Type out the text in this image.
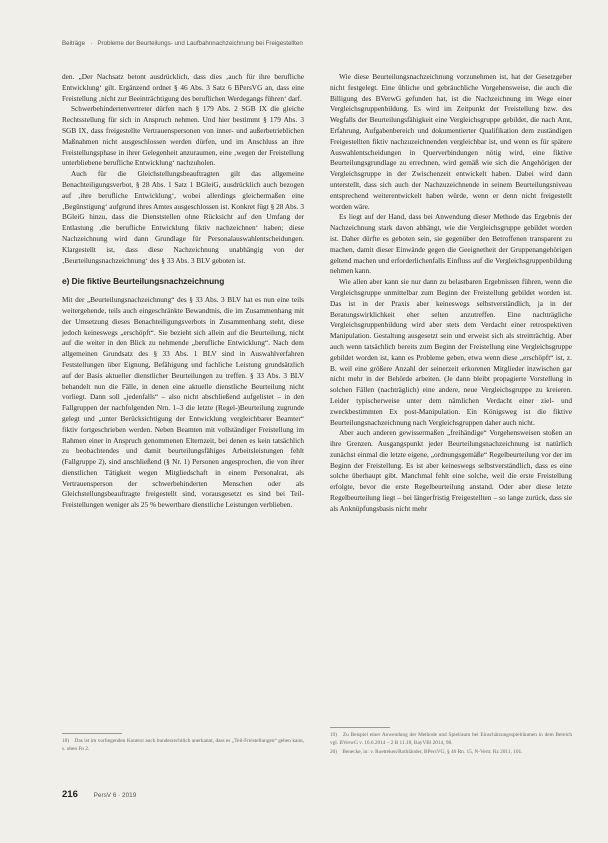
Beiträge   ·   Probleme der Beurteilungs- und Laufbahnnachzeichnung bei Freigestellten

den. „Der Nachsatz betont ausdrücklich, dass dies ‚auch für ihre berufliche Entwicklung‘ gilt. Ergänzend ordnet § 46 Abs. 3 Satz 6 BPersVG an, dass eine Freistellung ‚nicht zur Beeinträchtigung des beruflichen Werdegangs führen‘ darf.

Schwerbehindertenvertreter dürfen nach § 179 Abs. 2 SGB IX die gleiche Rechtsstellung für sich in Anspruch nehmen. Und hier bestimmt § 179 Abs. 3 SGB IX, dass freigestellte Vertrauenspersonen von inner- und außerbetrieblichen Maßnahmen nicht ausgeschlossen werden dürfen, und im Anschluss an ihre Freistellungsphase in ihrer Gelegenheit anzuraumen, eine ‚wegen der Freistellung unterbliebene berufliche Entwicklung‘ nachzuholen.

Auch für die Gleichstellungsbeauftragten gilt das allgemeine Benachteiligungsverbot, § 28 Abs. 1 Satz 1 BGleiG, ausdrücklich auch bezogen auf ‚ihre berufliche Entwicklung‘, wobei allerdings gleichermaßen eine ‚Begünstigung‘ aufgrund ihres Amtes ausgeschlossen ist. Konkret fügt § 28 Abs. 3 BGleiG hinzu, dass die Dienststellen ohne Rücksicht auf den Umfang der Entlastung ‚die berufliche Entwicklung fiktiv nachzeichnen‘ haben; diese Nachzeichnung wird dann Grundlage für Personalauswahlentscheidungen. Klargestellt ist, dass diese Nachzeichnung unabhängig von der ‚Beurteilungsnachzeichnung‘ des § 33 Abs. 3 BLV geboten ist.

e) Die fiktive Beurteilungsnachzeichnung

Mit der „Beurteilungsnachzeichnung“ des § 33 Abs. 3 BLV hat es nun eine teils weitergehende, teils auch eingeschränkte Bewandtnis, die im Zusammenhang mit der Umsetzung dieses Benachteiligungsverbots in Zusammenhang steht, diese jedoch keineswegs „erschöpft“. Sie bezieht sich allein auf die Beurteilung, nicht auf die weiter in den Blick zu nehmende „berufliche Entwicklung“. Nach dem allgemeinen Grundsatz des § 33 Abs. 1 BLV sind in Auswahlverfahren Feststellungen über Eignung, Befähigung und fachliche Leistung grundsätzlich auf der Basis aktueller dienstlicher Beurteilungen zu treffen. § 33 Abs. 3 BLV behandelt nun die Fälle, in denen eine aktuelle dienstliche Beurteilung nicht vorliegt. Dann soll „jedenfalls“ – also nicht abschließend aufgelistet – in den Fallgruppen der nachfolgenden Nrn. 1–3 die letzte (Regel-)Beurteilung zugrunde gelegt und „unter Berücksichtigung der Entwicklung vergleichbarer Beamter“ fiktiv fortgeschrieben werden. Neben Beamten mit vollständiger Freistellung im Rahmen einer in Anspruch genommenen Elternzeit, bei denen es kein tatsächlich zu beobachtendes und damit beurteilungsfähiges Arbeitsleistungen fehlt (Fallgruppe 2), sind anschließend (§ Nr. 1) Personen angesprochen, die von ihrer dienstlichen Tätigkeit wegen Mitgliedschaft in einem Personalrat, als Vertrauensperson der schwerbehinderten Menschen oder als Gleichstellungsbeauftragte freigestellt sind, vorausgesetzt es sind bei Teil-Freistellungen weniger als 25 % bewertbare dienstliche Leistungen verblieben.

Wie diese Beurteilungsnachzeichnung vorzunehmen ist, hat der Gesetzgeber nicht festgelegt. Eine übliche und gebräuchliche Vorgehensweise, die auch die Billigung des BVerwG gefunden hat, ist die Nachzeichnung im Wege einer Vergleichsgruppenbildung. Es wird im Zeitpunkt der Freistellung bzw. des Wegfalls der Beurteilungsfähigkeit eine Vergleichsgruppe gebildet, die nach Amt, Erfahrung, Aufgabenbereich und dokumentierter Qualifikation dem zuständigen Freigestellten fiktiv nachzuzeichnenden vergleichbar ist, und wenn es für spätere Auswahlentscheidungen in Querverbindungen nötig wird, eine fiktive Beurteilungsgrundlage zu errechnen, wird gemäß wie sich die Angehörigen der Vergleichsgruppe in der Zwischenzeit entwickelt haben. Dabei wird dann unterstellt, dass sich auch der Nachzuzeichnende in seinem Beurteilungsniveau entsprechend weiterentwickelt haben würde, wenn er denn nicht freigestellt worden wäre.

Es liegt auf der Hand, dass bei Anwendung dieser Methode das Ergebnis der Nachzeichnung stark davon abhängt, wie die Vergleichsgruppe gebildet worden ist. Daher dürfte es geboten sein, sie gegenüber den Betroffenen transparent zu machen, damit dieser Einwände gegen die Geeignetheit der Gruppenangehörigen geltend machen und erforderlichenfalls Einfluss auf die Vergleichsgruppenbildung nehmen kann.

Wie allen aber kann sie nur dann zu belastbaren Ergebnissen führen, wenn die Vergleichsgruppe unmittelbar zum Beginn der Freistellung gebildet worden ist. Das ist in der Praxis aber keineswegs selbstverständlich, ja in der Beratungswirklichkeit eher selten anzutreffen. Eine nachträgliche Vergleichsgruppenbildung wird aber stets dem Verdacht einer retrospektiven Manipulation. Gestaltung ausgesetzt sein und erweist sich als streitträchtig. Aber auch wenn tatsächlich bereits zum Beginn der Freistellung eine Vergleichsgruppe gebildet worden ist, kann es Probleme geben, etwa wenn diese „erschöpft“ ist, z. B. weil eine größere Anzahl der seinerzeit erkorenen Mitglieder inzwischen gar nicht mehr in der Behörde arbeiten. (Je dann bleibt propagierte Vorstellung in solchen Fällen (nachträglich) eine andere, neue Vergleichsgruppe zu kreieren. Leider typischerweise unter dem nämlichen Verdacht einer ziel- und zweckbestimmten Ex post-Manipulation. Ein Königsweg ist die fiktive Beurteilungsnachzeichnung nach Vergleichsgruppen daher auch nicht.

Aber auch anderen gewissermaßen „freihändige“ Vorgehensweisen stoßen an ihre Grenzen. Ausgangspunkt jeder Beurteilungsnachzeichnung ist natürlich zunächst einmal die letzte eigene, „ordnungsgemäße“ Regelbeurteilung vor der im Beginn der Freistellung. Es ist aber keineswegs selbstverständlich, dass es eine solche überhaupt gibt. Manchmal fehlt eine solche, weil die erste Freistellung erfolgte, bevor die erste Regelbeurteilung anstand. Oder aber diese letzte Regelbeurteilung liegt – bei längerfristig Freigestellten – so lange zurück, dass sie als Anknüpfungsbasis nicht mehr

18) Das ist im vorliegenden Kontext auch bundesrechtlich anerkannt, dass es „Teil-Freistellungen“ geben kann, s. oben Fn 2.
19) Zu Beispiel einer Anwendung der Methode und Spielraum bei Einschätzungsspielräumen in dem Bereich vgl. BVerwG v. 16.6.2014 – 2 B 11.18, BayVBl 2014, 98.
20) Benecke, in: v. Roetteken/Rothländer, BPersVG, § 46 Rn. 15, N-Vertr. Rz 2011, 101.
216 PersV 6 · 2019
